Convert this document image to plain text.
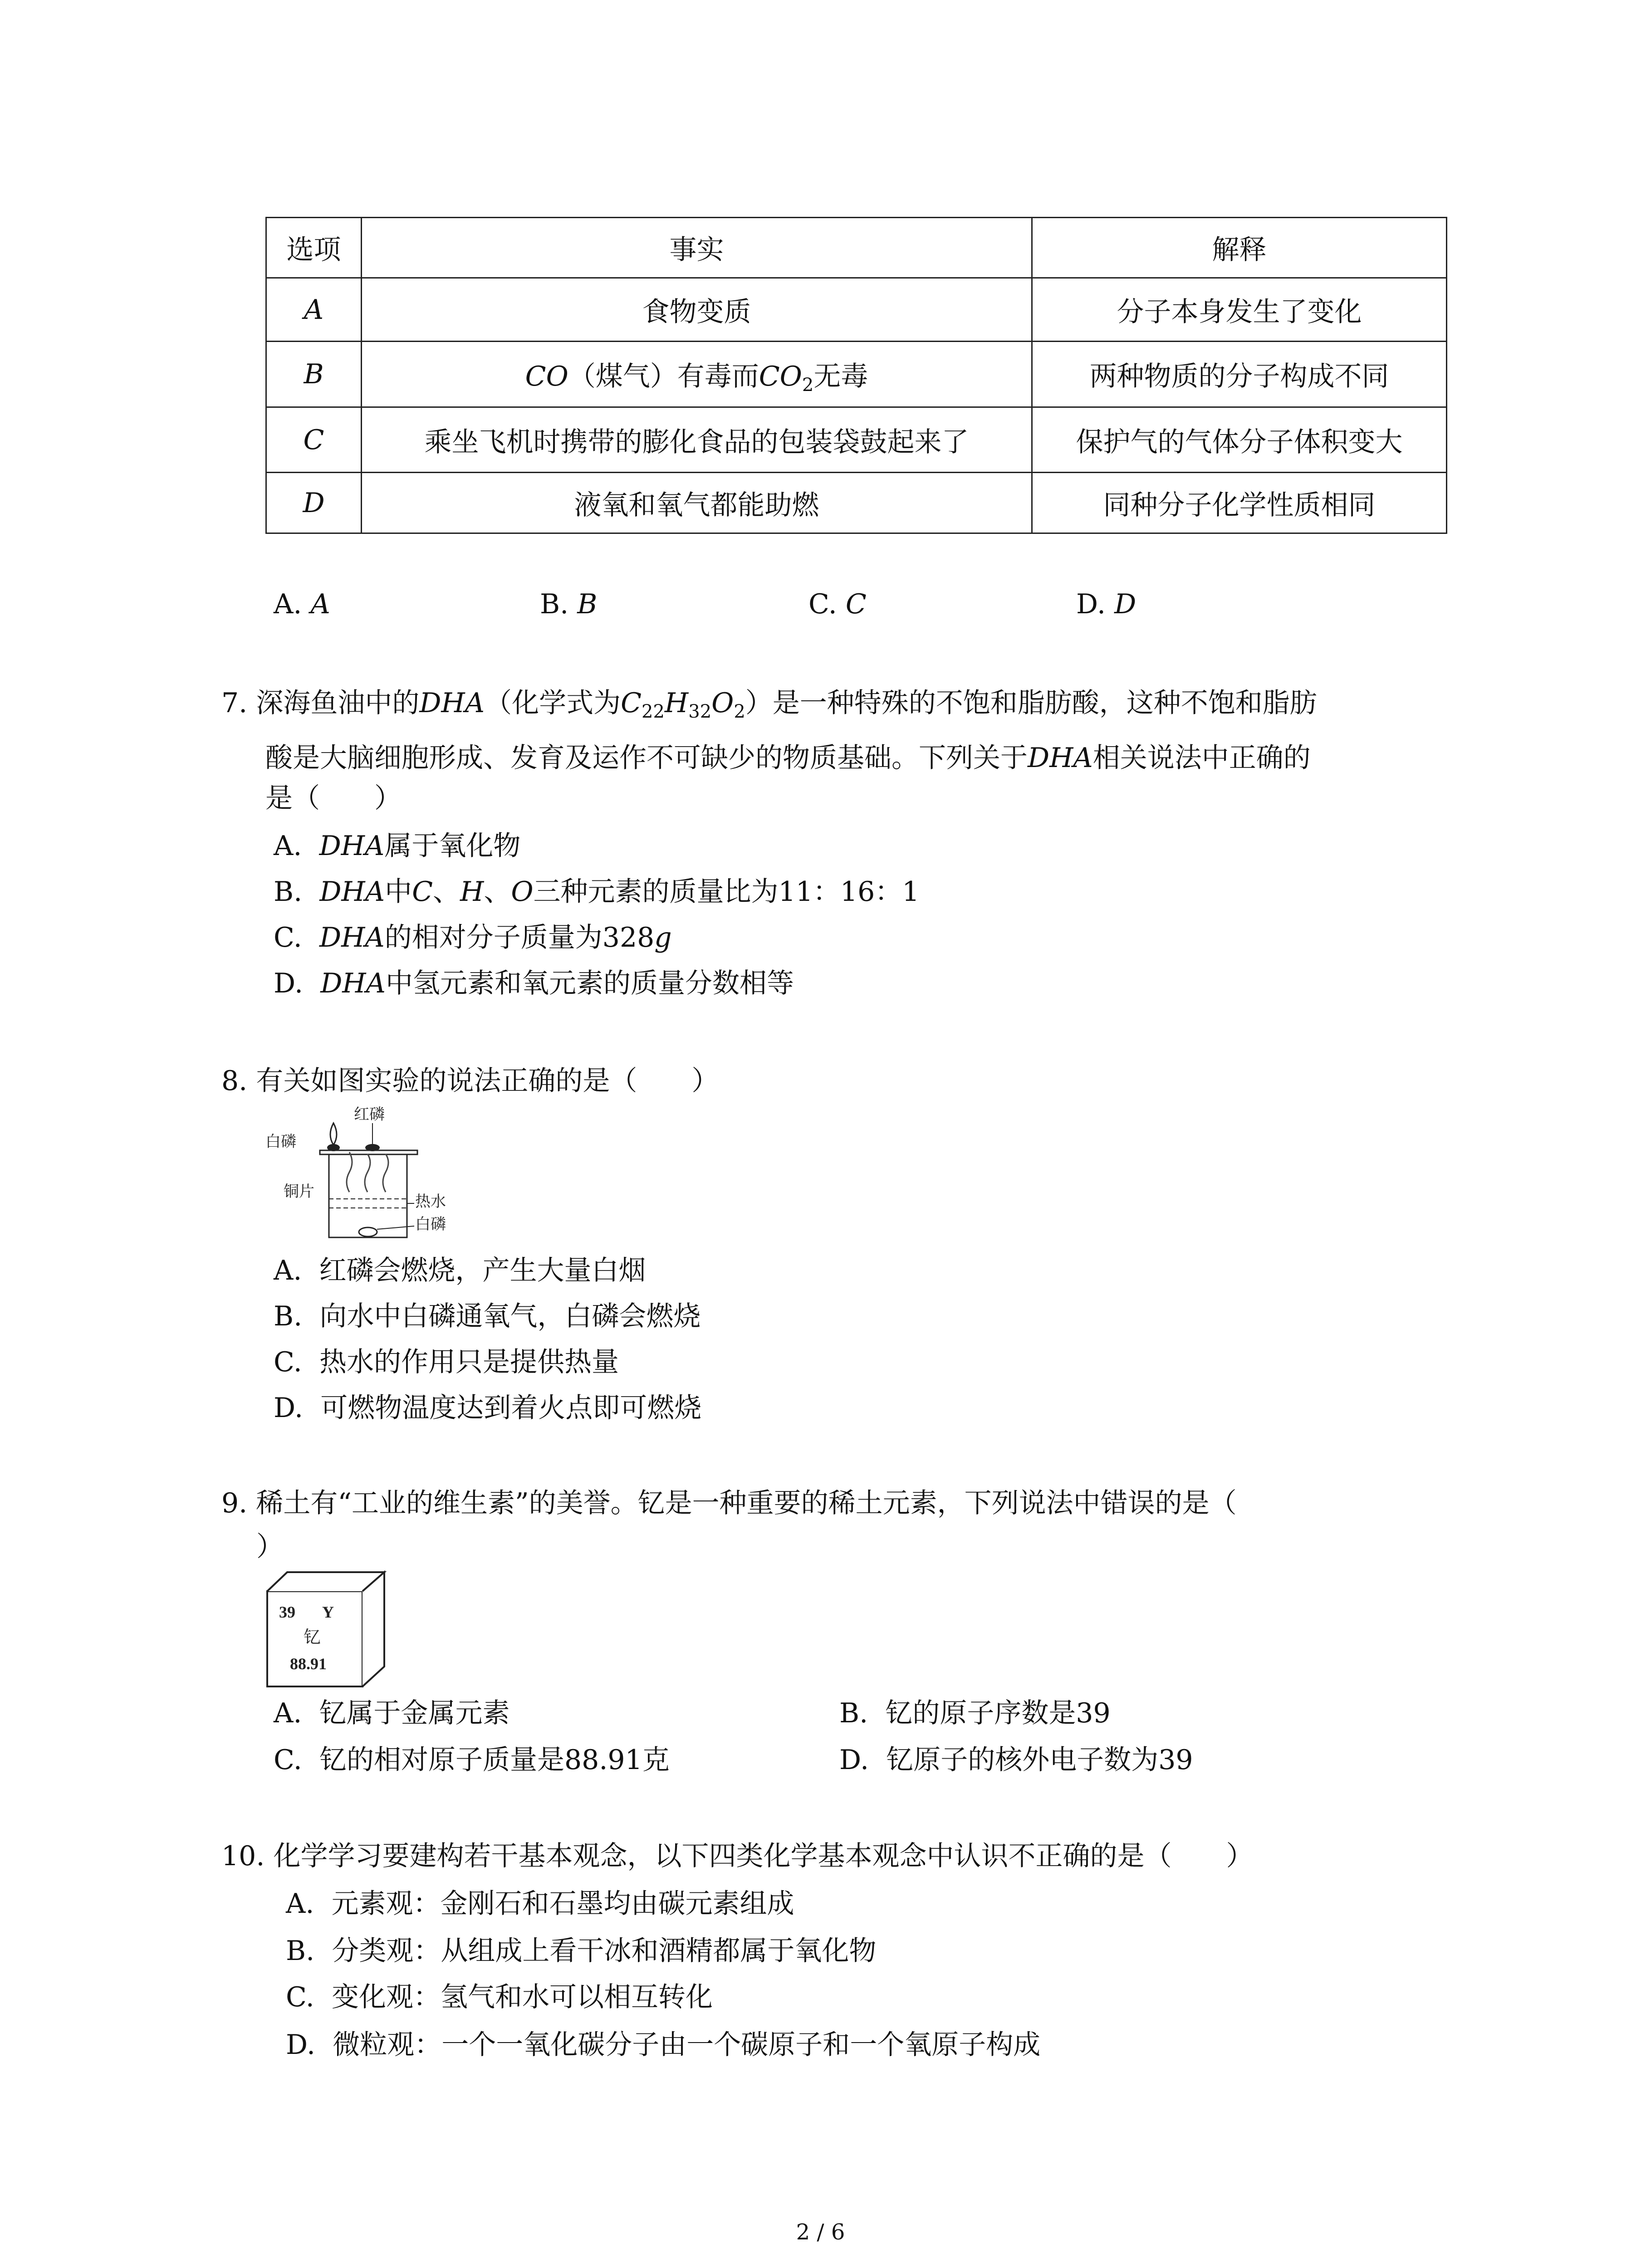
选项	事实	解释
A	食物变质	分子本身发生了变化
B	CO（煤气）有毒而$CO_2$无毒	两种物质的分子构成不同
C	乘坐飞机时携带的膨化食品的包装袋鼓起来了	保护气的气体分子体积变大
D	液氧和氧气都能助燃	同种分子化学性质相同
A. A	B. B	C. C	D. D
7. 深海鱼油中的DHA（化学式为$C_{22}H_{32}O_2$）是一种特殊的不饱和脂肪酸，这种不饱和脂肪
酸是大脑细胞形成、发育及运作不可缺少的物质基础。下列关于DHA相关说法中正确的
是（　　）
A. DHA属于氧化物
B. DHA中C、H、O三种元素的质量比为11：16：1
C. DHA的相对分子质量为328g
D. DHA中氢元素和氧元素的质量分数相等
8. 有关如图实验的说法正确的是（　　）
红磷
白磷
铜片
热水
白磷
A. 红磷会燃烧，产生大量白烟
B. 向水中白磷通氧气，白磷会燃烧
C. 热水的作用只是提供热量
D. 可燃物温度达到着火点即可燃烧
9. 稀土有“工业的维生素”的美誉。钇是一种重要的稀土元素，下列说法中错误的是（
）
39 Y
钇
88.91
A. 钇属于金属元素	B. 钇的原子序数是39
C. 钇的相对原子质量是88.91克	D. 钇原子的核外电子数为39
10. 化学学习要建构若干基本观念，以下四类化学基本观念中认识不正确的是（　　）
A. 元素观：金刚石和石墨均由碳元素组成
B. 分类观：从组成上看干冰和酒精都属于氧化物
C. 变化观：氢气和水可以相互转化
D. 微粒观：一个一氧化碳分子由一个碳原子和一个氧原子构成
2 / 6
